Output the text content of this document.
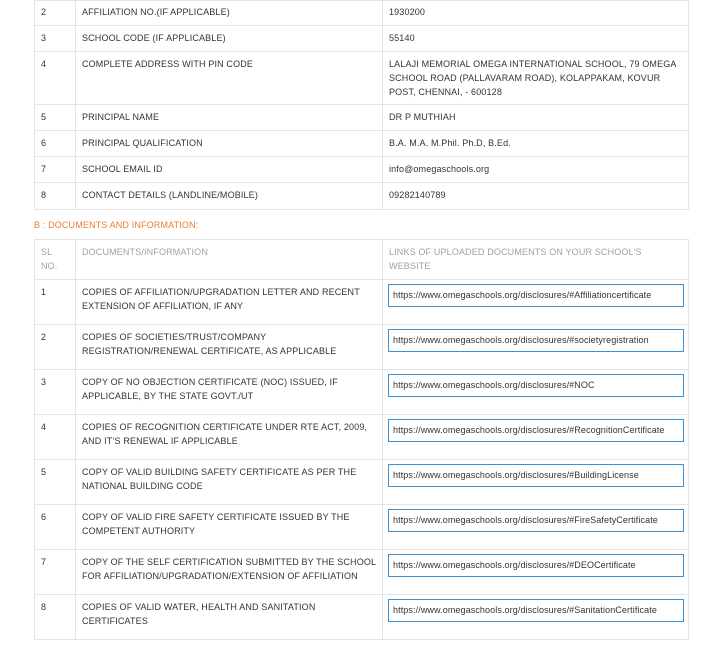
2	AFFILIATION NO.(IF APPLICABLE)	1930200
3	SCHOOL CODE (IF APPLICABLE)	55140
4	COMPLETE ADDRESS WITH PIN CODE	LALAJI MEMORIAL OMEGA INTERNATIONAL SCHOOL, 79 OMEGA SCHOOL ROAD (PALLAVARAM ROAD), KOLAPPAKAM, KOVUR POST, CHENNAI, - 600128
5	PRINCIPAL NAME	DR P MUTHIAH
6	PRINCIPAL QUALIFICATION	B.A. M.A. M.Phil. Ph.D, B.Ed.
7	SCHOOL EMAIL ID	info@omegaschools.org
8	CONTACT DETAILS (LANDLINE/MOBILE)	09282140789
B : DOCUMENTS AND INFORMATION:
SL NO.	DOCUMENTS/INFORMATION	LINKS OF UPLOADED DOCUMENTS ON YOUR SCHOOL'S WEBSITE
1	COPIES OF AFFILIATION/UPGRADATION LETTER AND RECENT EXTENSION OF AFFILIATION, IF ANY	https://www.omegaschools.org/disclosures/#Affiliationcertificate

2	COPIES OF SOCIETIES/TRUST/COMPANY REGISTRATION/RENEWAL CERTIFICATE, AS APPLICABLE	https://www.omegaschools.org/disclosures/#societyregistration

3	COPY OF NO OBJECTION CERTIFICATE (NOC) ISSUED, IF APPLICABLE, BY THE STATE GOVT./UT	https://www.omegaschools.org/disclosures/#NOC

4	COPIES OF RECOGNITION CERTIFICATE UNDER RTE ACT, 2009, AND IT’S RENEWAL IF APPLICABLE	https://www.omegaschools.org/disclosures/#RecognitionCertificate

5	COPY OF VALID BUILDING SAFETY CERTIFICATE AS PER THE NATIONAL BUILDING CODE	https://www.omegaschools.org/disclosures/#BuildingLicense

6	COPY OF VALID FIRE SAFETY CERTIFICATE ISSUED BY THE COMPETENT AUTHORITY	https://www.omegaschools.org/disclosures/#FireSafetyCertificate

7	COPY OF THE SELF CERTIFICATION SUBMITTED BY THE SCHOOL FOR AFFILIATION/UPGRADATION/EXTENSION OF AFFILIATION	https://www.omegaschools.org/disclosures/#DEOCertificate

8	COPIES OF VALID WATER, HEALTH AND SANITATION CERTIFICATES	https://www.omegaschools.org/disclosures/#SanitationCertificate
